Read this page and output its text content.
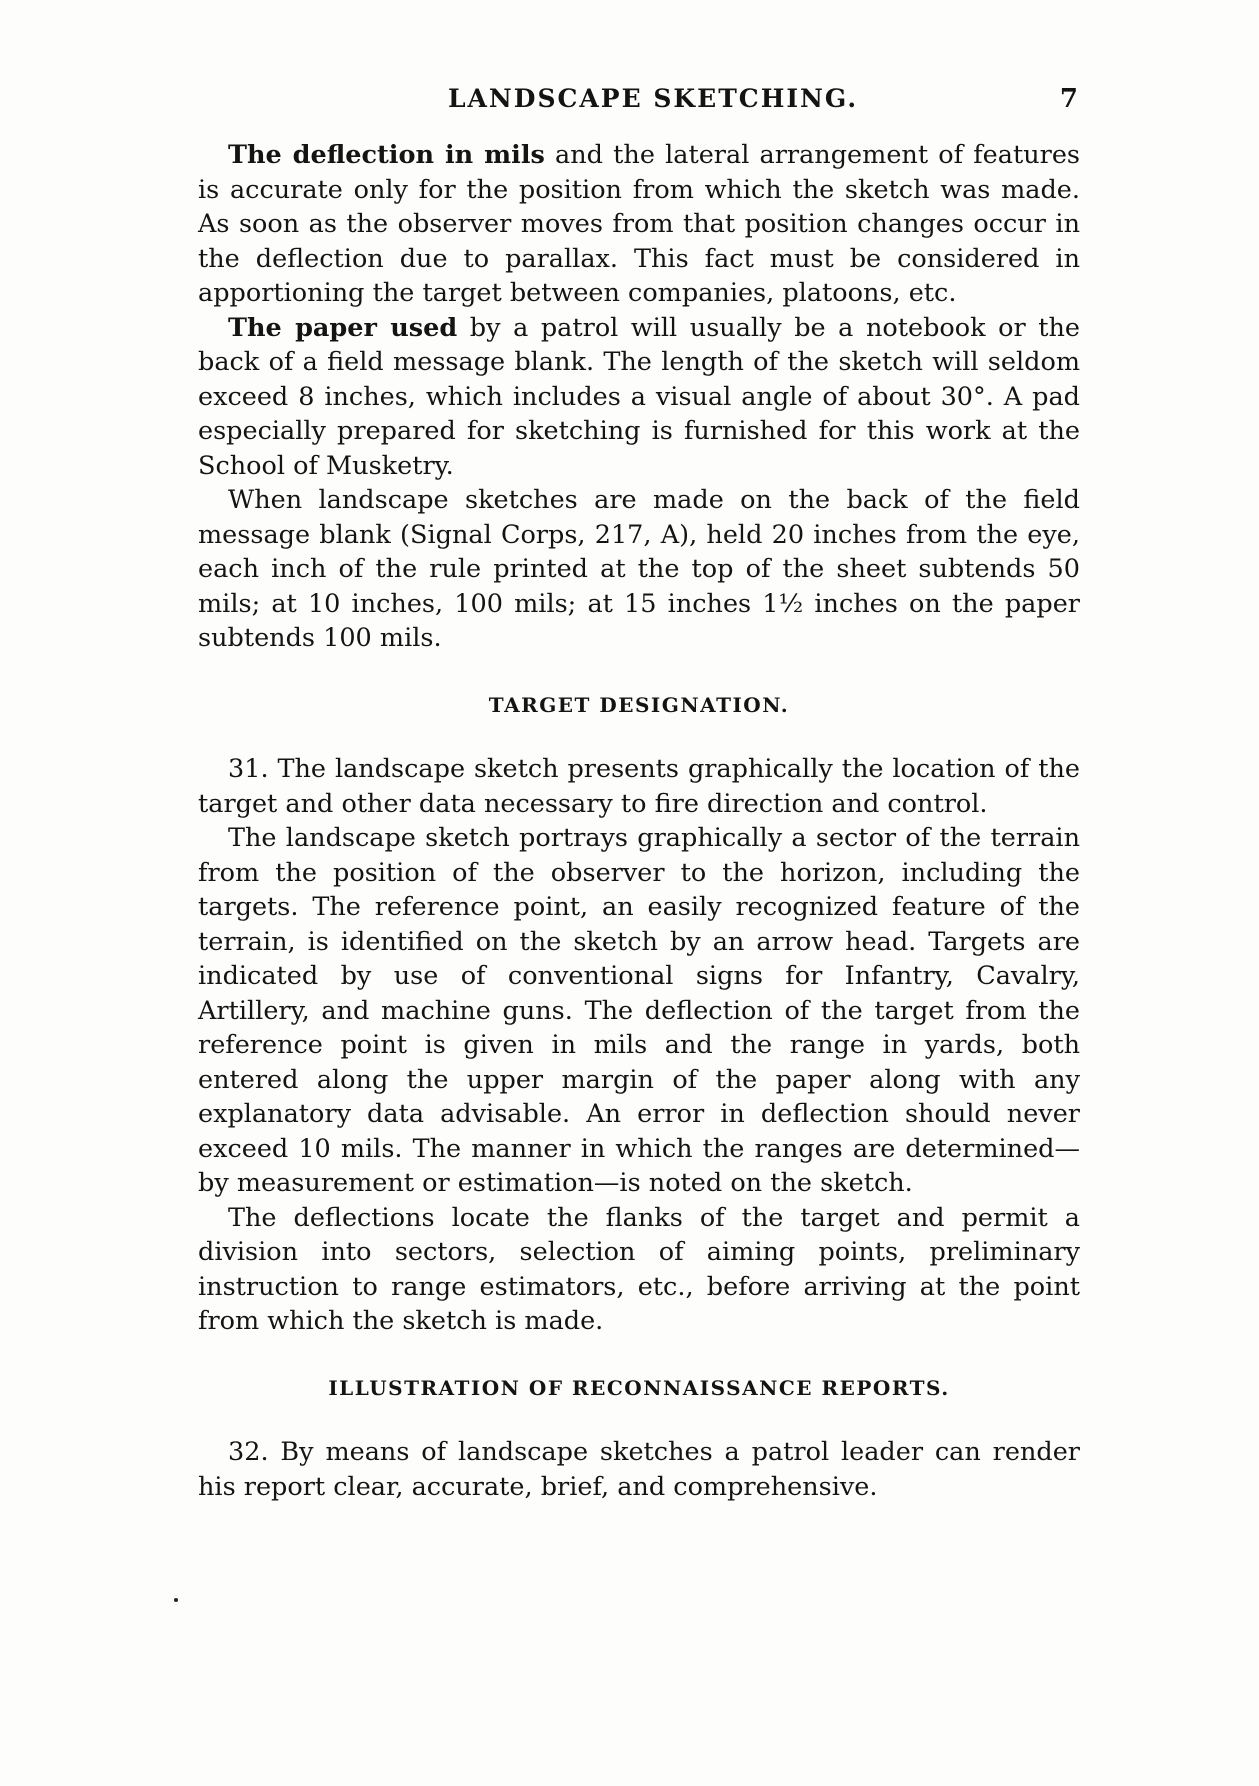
LANDSCAPE SKETCHING.	7

The deflection in mils and the lateral arrangement of features is accurate only for the position from which the sketch was made. As soon as the observer moves from that position changes occur in the deflection due to parallax. This fact must be considered in apportioning the target between companies, platoons, etc.

The paper used by a patrol will usually be a notebook or the back of a field message blank. The length of the sketch will seldom exceed 8 inches, which includes a visual angle of about 30°. A pad especially prepared for sketching is furnished for this work at the School of Musketry.

When landscape sketches are made on the back of the field message blank (Signal Corps, 217, A), held 20 inches from the eye, each inch of the rule printed at the top of the sheet subtends 50 mils; at 10 inches, 100 mils; at 15 inches 1½ inches on the paper subtends 100 mils.

TARGET DESIGNATION.

31. The landscape sketch presents graphically the location of the target and other data necessary to fire direction and control.

The landscape sketch portrays graphically a sector of the terrain from the position of the observer to the horizon, including the targets. The reference point, an easily recognized feature of the terrain, is identified on the sketch by an arrow head. Targets are indicated by use of conventional signs for Infantry, Cavalry, Artillery, and machine guns. The deflection of the target from the reference point is given in mils and the range in yards, both entered along the upper margin of the paper along with any explanatory data advisable. An error in deflection should never exceed 10 mils. The manner in which the ranges are determined—by measurement or estimation—is noted on the sketch.

The deflections locate the flanks of the target and permit a division into sectors, selection of aiming points, preliminary instruction to range estimators, etc., before arriving at the point from which the sketch is made.

ILLUSTRATION OF RECONNAISSANCE REPORTS.

32. By means of landscape sketches a patrol leader can render his report clear, accurate, brief, and comprehensive.
